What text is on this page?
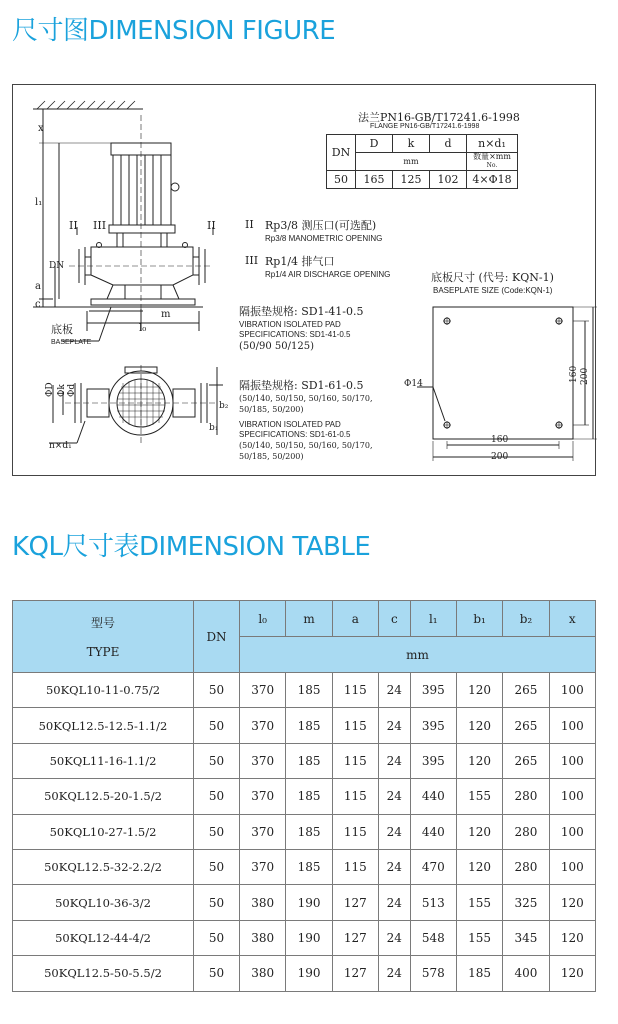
尺寸图DIMENSION FIGURE
x
l₁
DN
a
c
II III	II
m
l₀
底板
BASEPLATE
ΦD Φk Φd
n×d₁
b₁
b₂
法兰PN16-GB/T17241.6-1998
FLANGE PN16-GB/T17241.6-1998
DN	D	k	d	n×d₁
	mm			数量×mm
No.
50	165	125	102	4×Φ18
II Rp3/8 测压口(可选配)
Rp3/8 MANOMETRIC OPENING
III Rp1/4 排气口
Rp1/4 AIR DISCHARGE OPENING
隔振垫规格: SD1-41-0.5
VIBRATION ISOLATED PAD
SPECIFICATIONS: SD1-41-0.5
(50/90 50/125)
隔振垫规格: SD1-61-0.5
(50/140, 50/150, 50/160, 50/170,
50/185, 50/200)
VIBRATION ISOLATED PAD
SPECIFICATIONS: SD1-61-0.5
(50/140, 50/150, 50/160, 50/170,
50/185, 50/200)
底板尺寸 (代号: KQN-1)
BASEPLATE SIZE (Code:KQN-1)
Φ14
160
200
160 200
KQL尺寸表DIMENSION TABLE
型号

TYPE	DN	l₀	m	a	c	l₁	b₁	b₂	x
		mm							
50KQL10-11-0.75/2	50	370	185	115	24	395	120	265	100
50KQL12.5-12.5-1.1/2	50	370	185	115	24	395	120	265	100
50KQL11-16-1.1/2	50	370	185	115	24	395	120	265	100
50KQL12.5-20-1.5/2	50	370	185	115	24	440	155	280	100
50KQL10-27-1.5/2	50	370	185	115	24	440	120	280	100
50KQL12.5-32-2.2/2	50	370	185	115	24	470	120	280	100
50KQL10-36-3/2	50	380	190	127	24	513	155	325	120
50KQL12-44-4/2	50	380	190	127	24	548	155	345	120
50KQL12.5-50-5.5/2	50	380	190	127	24	578	185	400	120
